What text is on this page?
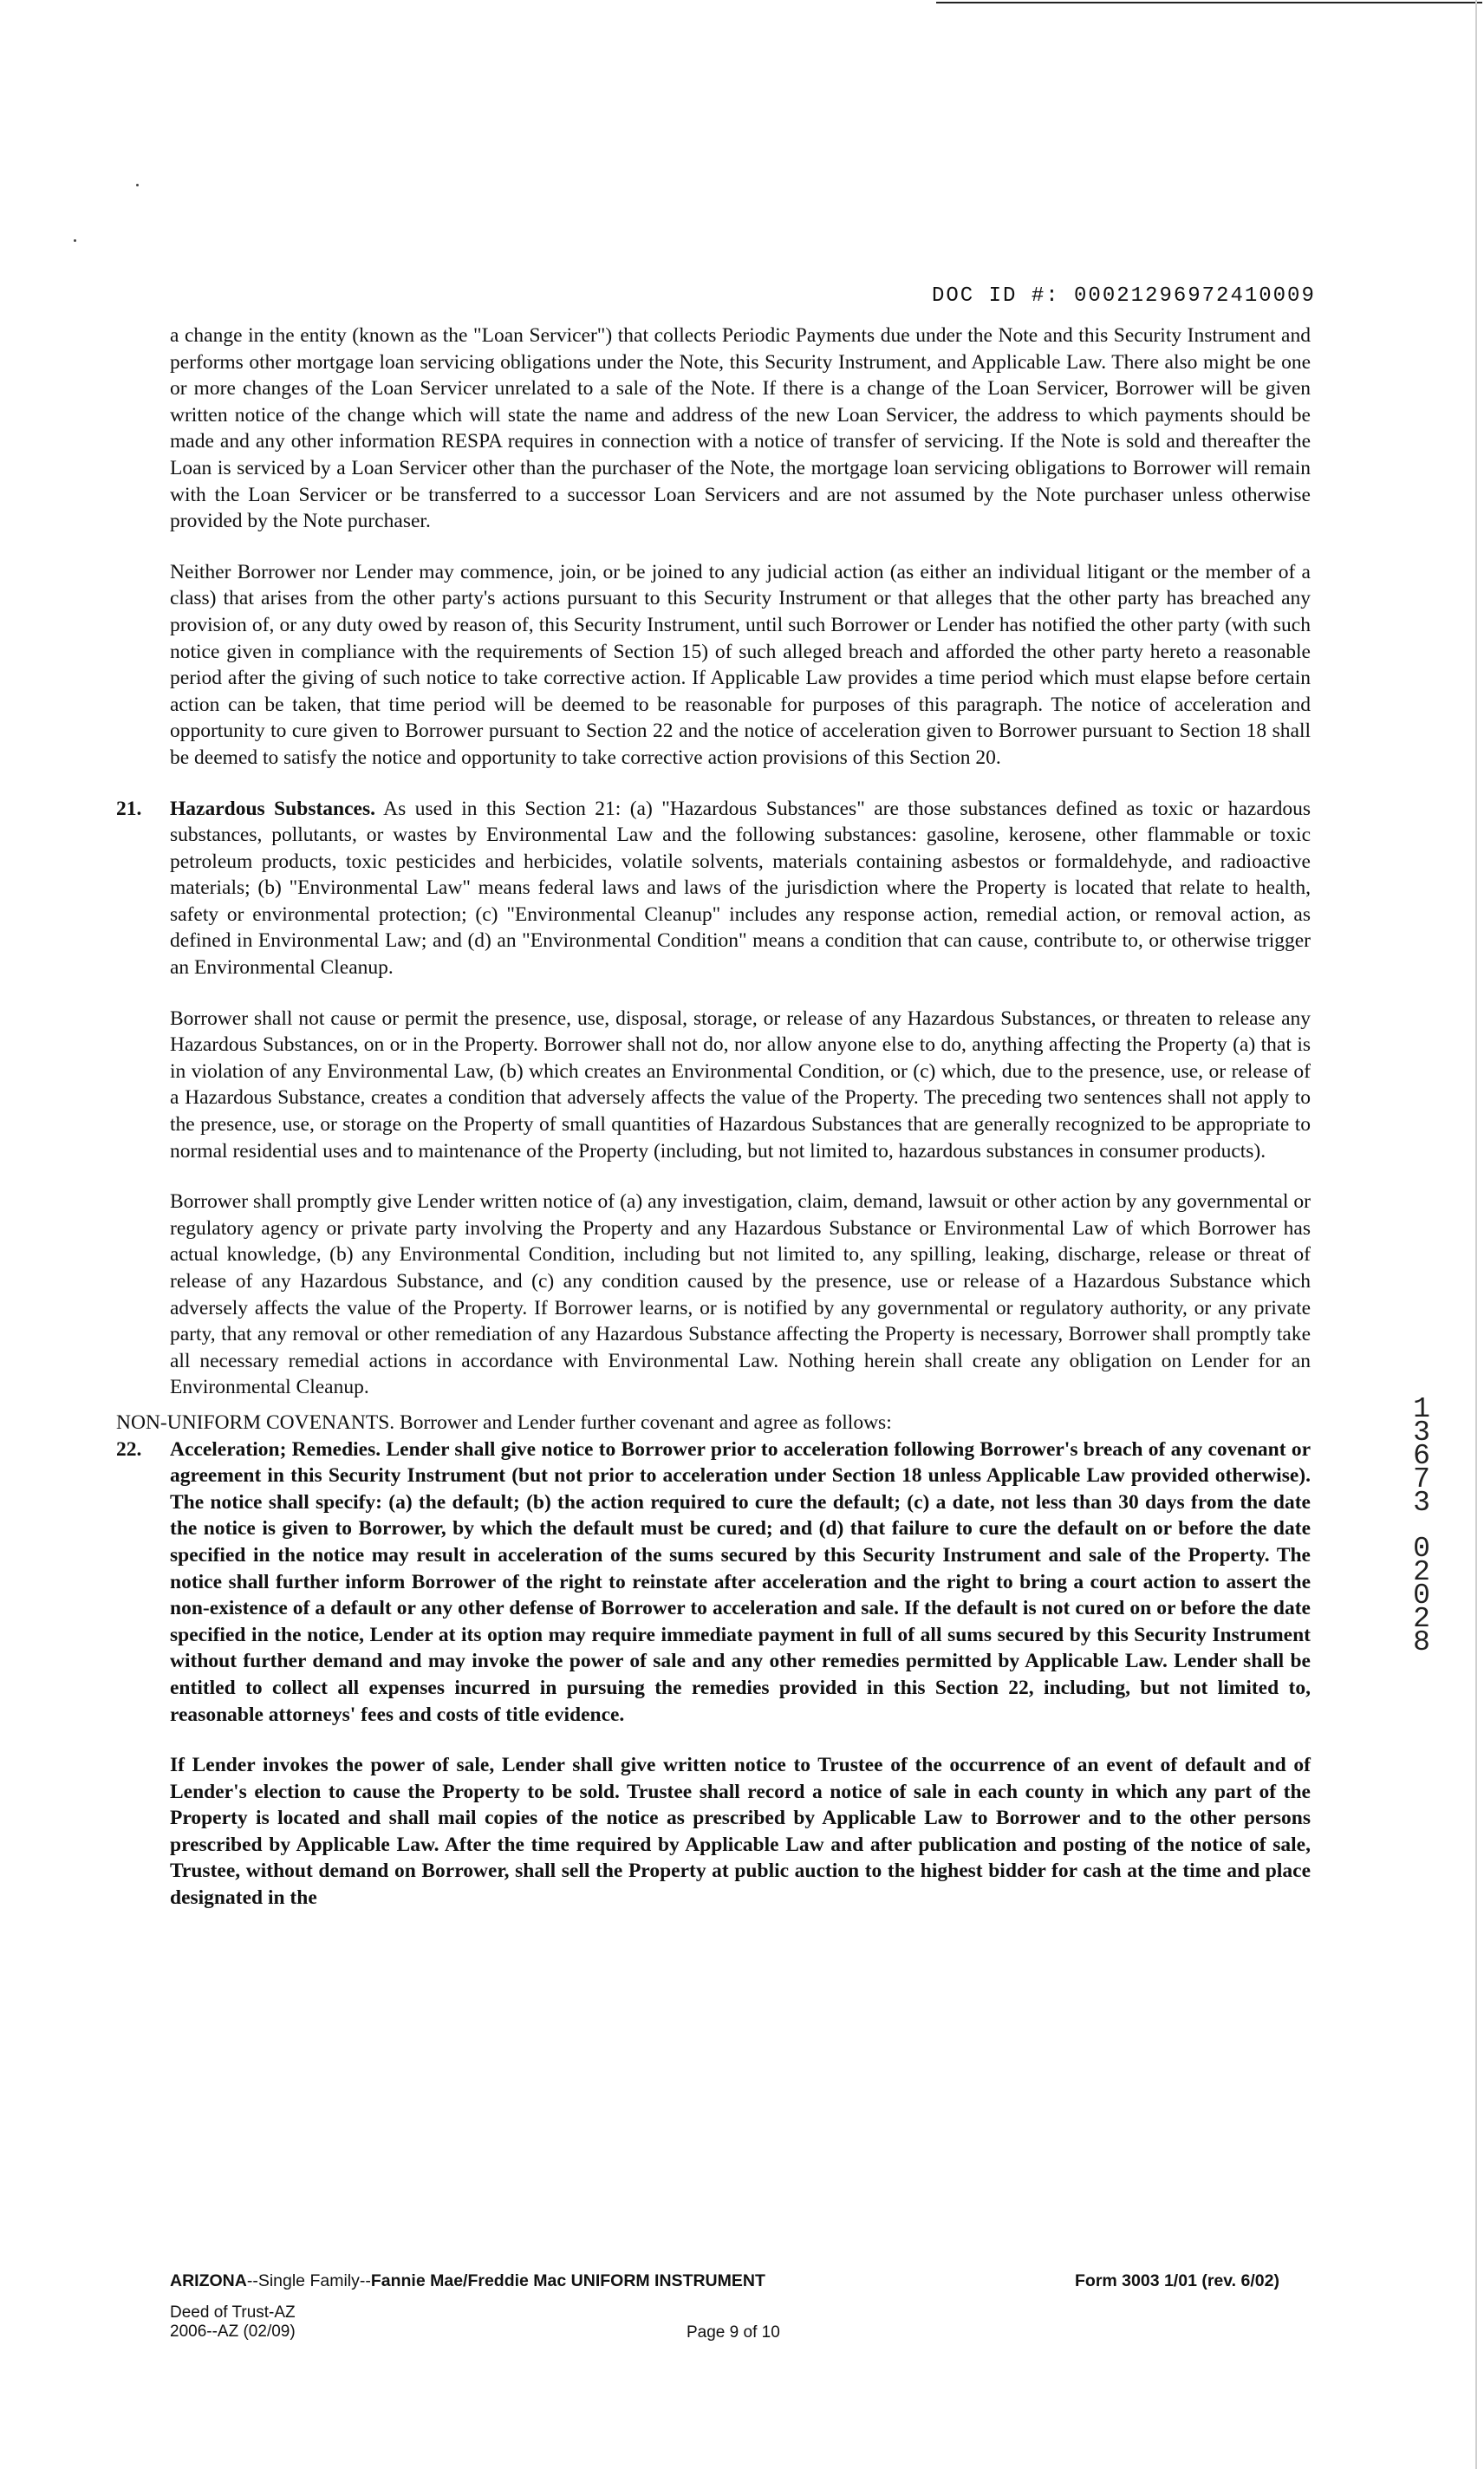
DOC ID #: 00021296972410009

a change in the entity (known as the "Loan Servicer") that collects Periodic Payments due under the Note and this Security Instrument and performs other mortgage loan servicing obligations under the Note, this Security Instrument, and Applicable Law. There also might be one or more changes of the Loan Servicer unrelated to a sale of the Note. If there is a change of the Loan Servicer, Borrower will be given written notice of the change which will state the name and address of the new Loan Servicer, the address to which payments should be made and any other information RESPA requires in connection with a notice of transfer of servicing. If the Note is sold and thereafter the Loan is serviced by a Loan Servicer other than the purchaser of the Note, the mortgage loan servicing obligations to Borrower will remain with the Loan Servicer or be transferred to a successor Loan Servicers and are not assumed by the Note purchaser unless otherwise provided by the Note purchaser.

Neither Borrower nor Lender may commence, join, or be joined to any judicial action (as either an individual litigant or the member of a class) that arises from the other party's actions pursuant to this Security Instrument or that alleges that the other party has breached any provision of, or any duty owed by reason of, this Security Instrument, until such Borrower or Lender has notified the other party (with such notice given in compliance with the requirements of Section 15) of such alleged breach and afforded the other party hereto a reasonable period after the giving of such notice to take corrective action. If Applicable Law provides a time period which must elapse before certain action can be taken, that time period will be deemed to be reasonable for purposes of this paragraph. The notice of acceleration and opportunity to cure given to Borrower pursuant to Section 22 and the notice of acceleration given to Borrower pursuant to Section 18 shall be deemed to satisfy the notice and opportunity to take corrective action provisions of this Section 20.

21. Hazardous Substances. As used in this Section 21: (a) "Hazardous Substances" are those substances defined as toxic or hazardous substances, pollutants, or wastes by Environmental Law and the following substances: gasoline, kerosene, other flammable or toxic petroleum products, toxic pesticides and herbicides, volatile solvents, materials containing asbestos or formaldehyde, and radioactive materials; (b) "Environmental Law" means federal laws and laws of the jurisdiction where the Property is located that relate to health, safety or environmental protection; (c) "Environmental Cleanup" includes any response action, remedial action, or removal action, as defined in Environmental Law; and (d) an "Environmental Condition" means a condition that can cause, contribute to, or otherwise trigger an Environmental Cleanup.

Borrower shall not cause or permit the presence, use, disposal, storage, or release of any Hazardous Substances, or threaten to release any Hazardous Substances, on or in the Property. Borrower shall not do, nor allow anyone else to do, anything affecting the Property (a) that is in violation of any Environmental Law, (b) which creates an Environmental Condition, or (c) which, due to the presence, use, or release of a Hazardous Substance, creates a condition that adversely affects the value of the Property. The preceding two sentences shall not apply to the presence, use, or storage on the Property of small quantities of Hazardous Substances that are generally recognized to be appropriate to normal residential uses and to maintenance of the Property (including, but not limited to, hazardous substances in consumer products).

Borrower shall promptly give Lender written notice of (a) any investigation, claim, demand, lawsuit or other action by any governmental or regulatory agency or private party involving the Property and any Hazardous Substance or Environmental Law of which Borrower has actual knowledge, (b) any Environmental Condition, including but not limited to, any spilling, leaking, discharge, release or threat of release of any Hazardous Substance, and (c) any condition caused by the presence, use or release of a Hazardous Substance which adversely affects the value of the Property. If Borrower learns, or is notified by any governmental or regulatory authority, or any private party, that any removal or other remediation of any Hazardous Substance affecting the Property is necessary, Borrower shall promptly take all necessary remedial actions in accordance with Environmental Law. Nothing herein shall create any obligation on Lender for an Environmental Cleanup.

NON-UNIFORM COVENANTS. Borrower and Lender further covenant and agree as follows:

22. Acceleration; Remedies. Lender shall give notice to Borrower prior to acceleration following Borrower's breach of any covenant or agreement in this Security Instrument (but not prior to acceleration under Section 18 unless Applicable Law provided otherwise). The notice shall specify: (a) the default; (b) the action required to cure the default; (c) a date, not less than 30 days from the date the notice is given to Borrower, by which the default must be cured; and (d) that failure to cure the default on or before the date specified in the notice may result in acceleration of the sums secured by this Security Instrument and sale of the Property. The notice shall further inform Borrower of the right to reinstate after acceleration and the right to bring a court action to assert the non-existence of a default or any other defense of Borrower to acceleration and sale. If the default is not cured on or before the date specified in the notice, Lender at its option may require immediate payment in full of all sums secured by this Security Instrument without further demand and may invoke the power of sale and any other remedies permitted by Applicable Law. Lender shall be entitled to collect all expenses incurred in pursuing the remedies provided in this Section 22, including, but not limited to, reasonable attorneys' fees and costs of title evidence.

If Lender invokes the power of sale, Lender shall give written notice to Trustee of the occurrence of an event of default and of Lender's election to cause the Property to be sold. Trustee shall record a notice of sale in each county in which any part of the Property is located and shall mail copies of the notice as prescribed by Applicable Law to Borrower and to the other persons prescribed by Applicable Law. After the time required by Applicable Law and after publication and posting of the notice of sale, Trustee, without demand on Borrower, shall sell the Property at public auction to the highest bidder for cash at the time and place designated in the

1
3
6
7
3
0
2
0
2
8
ARIZONA--Single Family--Fannie Mae/Freddie Mac UNIFORM INSTRUMENT	Form 3003 1/01 (rev. 6/02)
Deed of Trust-AZ
2006--AZ (02/09)	Page 9 of 10
